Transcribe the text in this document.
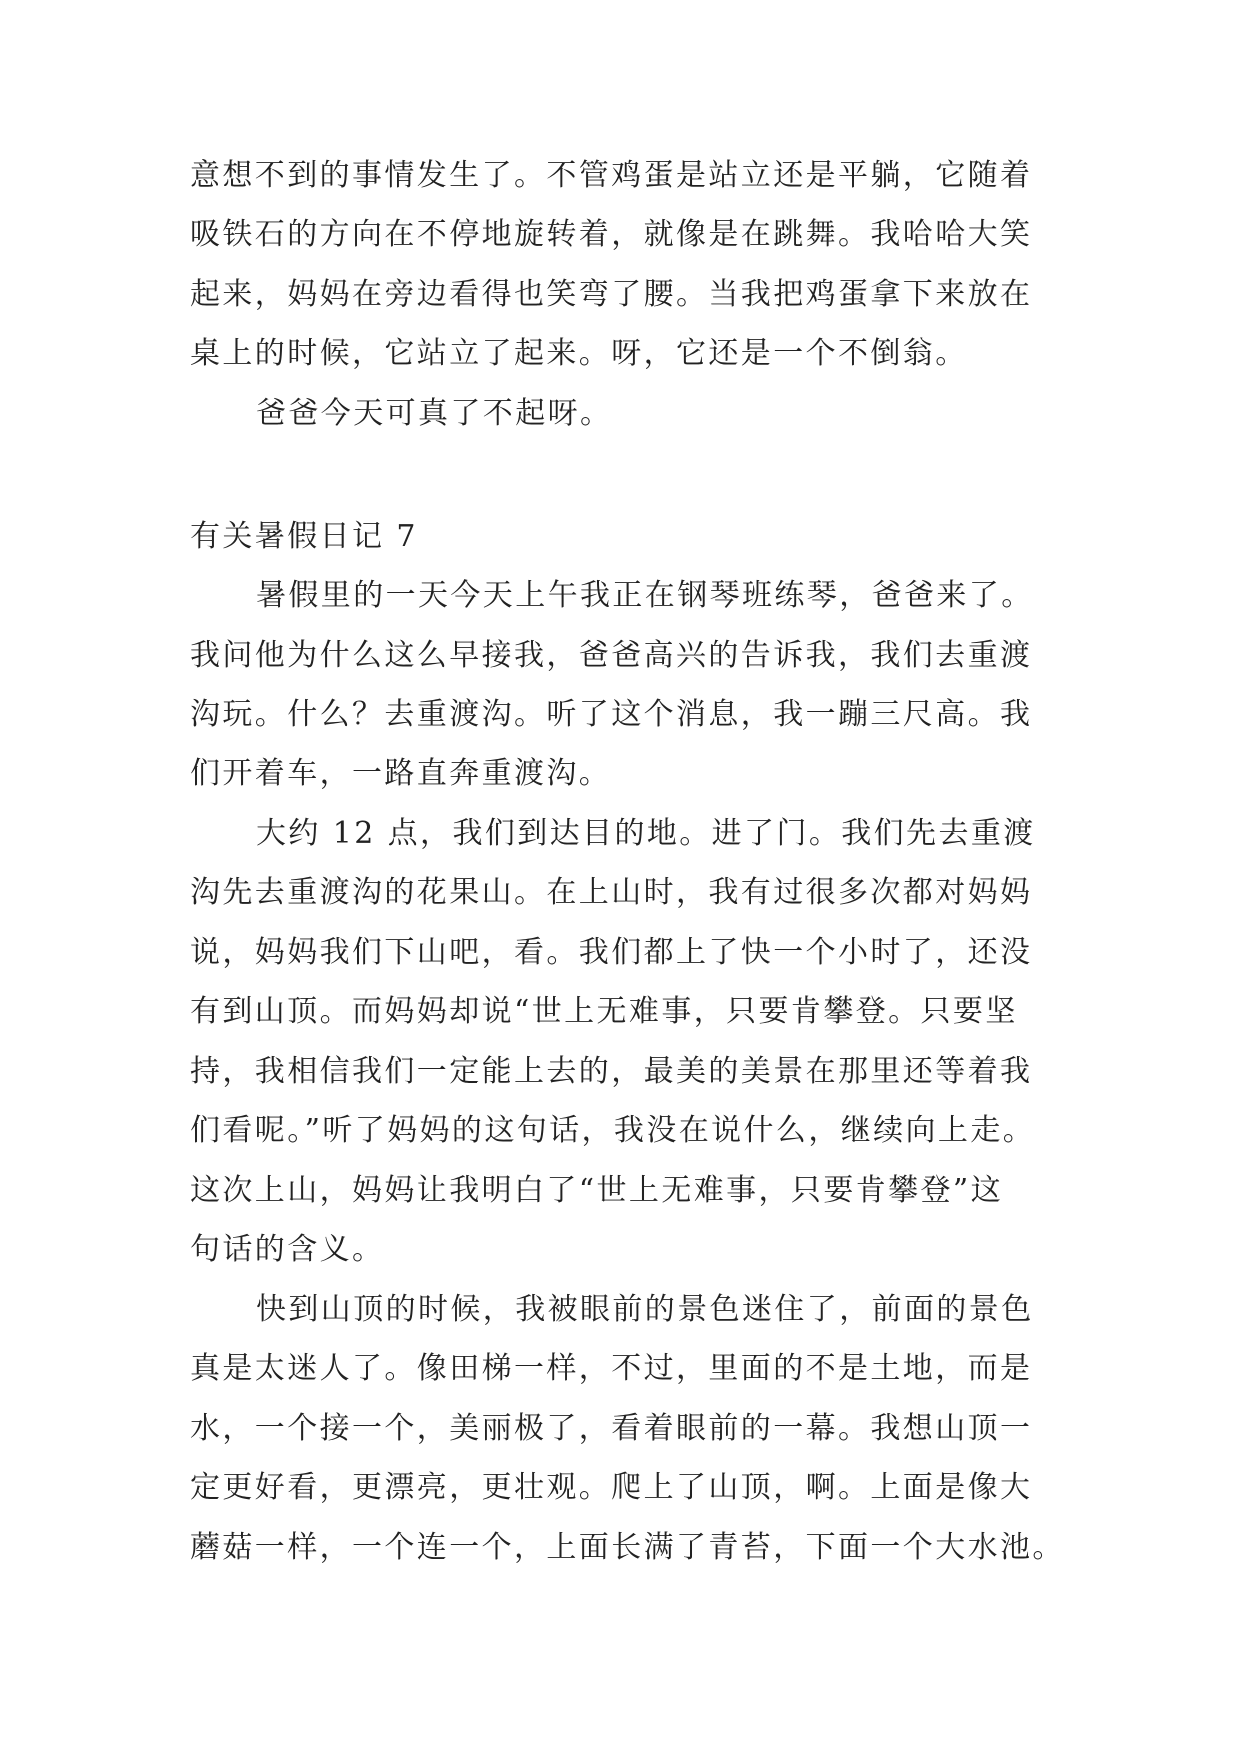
意想不到的事情发生了。不管鸡蛋是站立还是平躺，它随着
吸铁石的方向在不停地旋转着，就像是在跳舞。我哈哈大笑
起来，妈妈在旁边看得也笑弯了腰。当我把鸡蛋拿下来放在
桌上的时候，它站立了起来。呀，它还是一个不倒翁。
爸爸今天可真了不起呀。
有关暑假日记 7
暑假里的一天今天上午我正在钢琴班练琴，爸爸来了。
我问他为什么这么早接我，爸爸高兴的告诉我，我们去重渡
沟玩。什么？去重渡沟。听了这个消息，我一蹦三尺高。我
们开着车，一路直奔重渡沟。
大约 12 点，我们到达目的地。进了门。我们先去重渡
沟先去重渡沟的花果山。在上山时，我有过很多次都对妈妈
说，妈妈我们下山吧，看。我们都上了快一个小时了，还没
有到山顶。而妈妈却说“世上无难事，只要肯攀登。只要坚
持，我相信我们一定能上去的，最美的美景在那里还等着我
们看呢。”听了妈妈的这句话，我没在说什么，继续向上走。
这次上山，妈妈让我明白了“世上无难事，只要肯攀登”这
句话的含义。
快到山顶的时候，我被眼前的景色迷住了，前面的景色
真是太迷人了。像田梯一样，不过，里面的不是土地，而是
水，一个接一个，美丽极了，看着眼前的一幕。我想山顶一
定更好看，更漂亮，更壮观。爬上了山顶，啊。上面是像大
蘑菇一样，一个连一个，上面长满了青苔，下面一个大水池。
